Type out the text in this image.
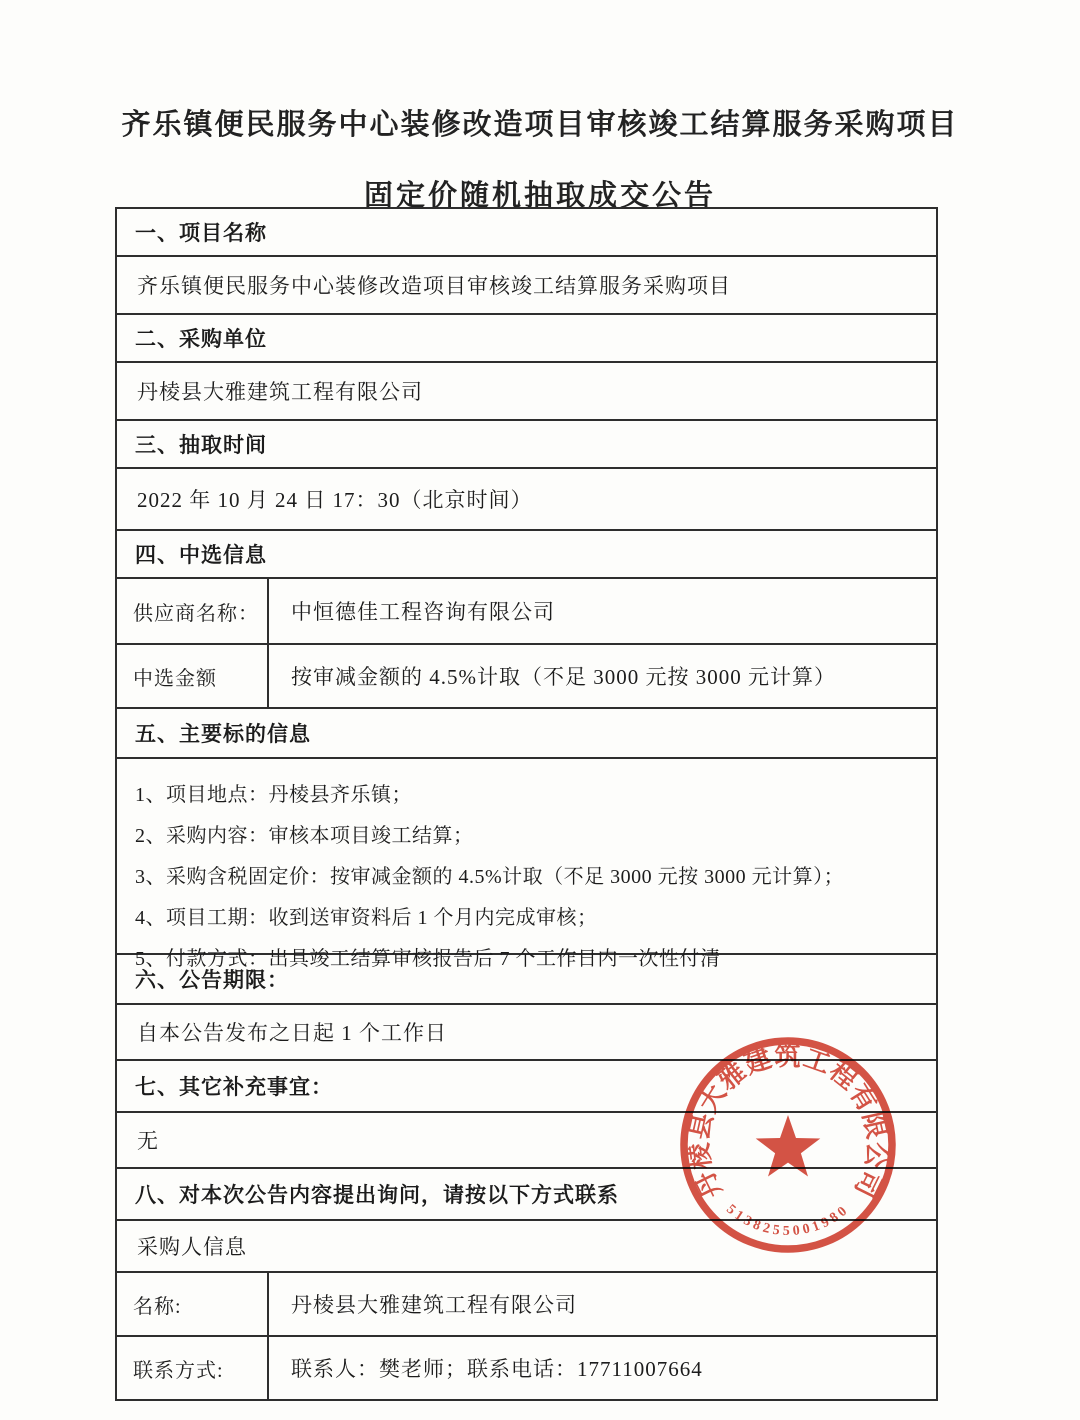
齐乐镇便民服务中心装修改造项目审核竣工结算服务采购项目
固定价随机抽取成交公告
一、项目名称
齐乐镇便民服务中心装修改造项目审核竣工结算服务采购项目
二、采购单位
丹棱县大雅建筑工程有限公司
三、抽取时间
2022 年 10 月 24 日 17：30（北京时间）
四、中选信息
供应商名称：	中恒德佳工程咨询有限公司
中选金额	按审减金额的 4.5%计取（不足 3000 元按 3000 元计算）
五、主要标的信息

1、项目地点：丹棱县齐乐镇；

2、采购内容：审核本项目竣工结算；

3、采购含税固定价：按审减金额的 4.5%计取（不足 3000 元按 3000 元计算）；

4、项目工期：收到送审资料后 1 个月内完成审核；

5、付款方式：出具竣工结算审核报告后 7 个工作日内一次性付清

六、公告期限：
自本公告发布之日起 1 个工作日
七、其它补充事宜：
无
八、对本次公告内容提出询问，请按以下方式联系
采购人信息
名称:	丹棱县大雅建筑工程有限公司
联系方式:	联系人：樊老师；联系电话：17711007664
丹棱县大雅建筑工程有限公司
5138255001980
